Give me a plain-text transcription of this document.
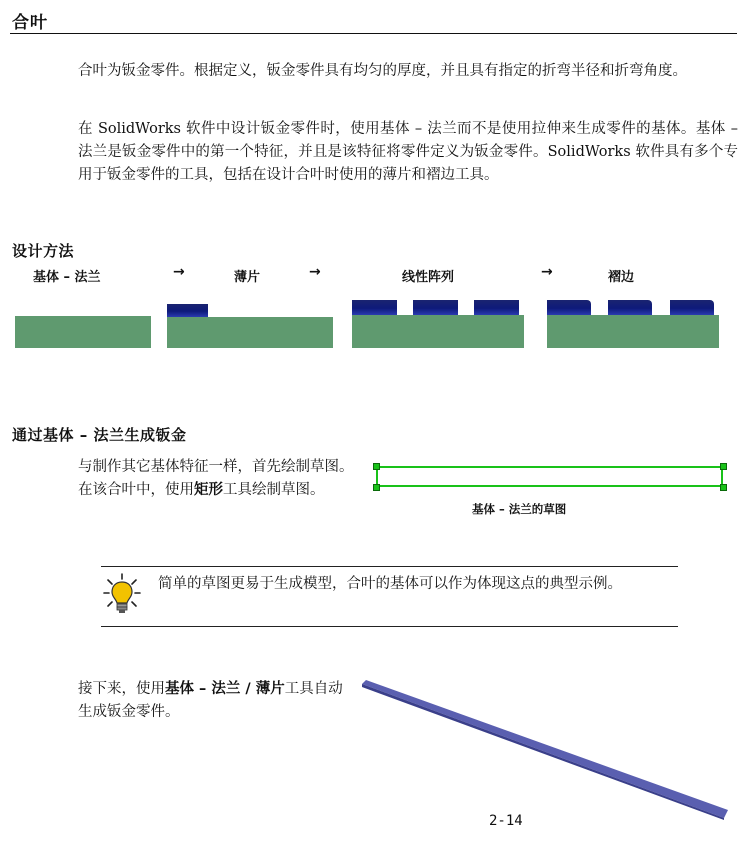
合叶
合叶为钣金零件。根据定义，钣金零件具有均匀的厚度，并且具有指定的折弯半径和折弯角度。
在 SolidWorks 软件中设计钣金零件时，使用基体 – 法兰而不是使用拉伸来生成零件的基体。基体 – 法兰是钣金零件中的第一个特征，并且是该特征将零件定义为钣金零件。SolidWorks 软件具有多个专用于钣金零件的工具，包括在设计合叶时使用的薄片和褶边工具。
设计方法
基体 – 法兰	→	薄片	→	线性阵列	→	褶边
通过基体 – 法兰生成钣金
与制作其它基体特征一样，首先绘制草图。在该合叶中，使用矩形工具绘制草图。
基体 – 法兰的草图
简单的草图更易于生成模型，合叶的基体可以作为体现这点的典型示例。
接下来，使用基体 – 法兰 / 薄片工具自动生成钣金零件。
2-14
